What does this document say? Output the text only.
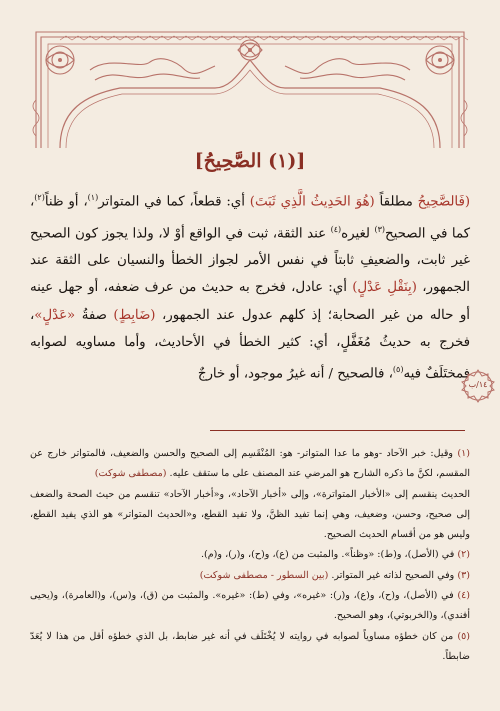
[(١) الصَّحِيحُ]

(فَالصَّحِيحُ مطلقاً (هُوَ الحَدِيثُ الَّذِي ثَبَتَ) أي: قطعاً، كما في المتواتر$^{(١)}$، أو ظناً$^{(٢)}$، كما في الصحيح$^{(٣)}$ لغيره$^{(٤)}$ عند الثقة، ثبت في الواقع أوْ لا، ولذا يجوز كون الصحيح غير ثابت، والضعيفِ ثابتاً في نفس الأمر لجواز الخطأ والنسيان على الثقة عند الجمهور، (بِنَقْلِ عَدْلٍ) أي: عادل، فخرج به حديث من عرف ضعفه، أو جهل عينه أو حاله من غير الصحابة؛ إذ كلهم عدول عند الجمهور، (ضَابِطٍ) صفةُ «عَدْلٍ»، فخرج به حديثُ مُغَفَّلٍ، أي: كثير الخطأ في الأحاديث، وأما مساويه لصوابه فمختَلَفٌ فيه$^{(٥)}$، فالصحيح / أنه غيرُ موجود، أو خارجٌ

١٤/ب

(١) وقيل: خبر الآحاد -وهو ما عدا المتواتر- هو: المُنْقَسِم إلى الصحيح والحسن والضعيف، فالمتواتر خارج عن المقسم، لكنَّ ما ذكره الشارح هو المرضي عند المصنف على ما ستقف عليه. (مصطفى شوكت)

الحديث ينقسم إلى «الأخبار المتواترة»، وإلى «أخبار الآحاد»، و«أخبار الآحاد» تنقسم من حيث الصحة والضعف إلى صحيح، وحسن، وضعيف، وهي إنما تفيد الظنَّ، ولا تفيد القطع، و«الحديث المتواتر» هو الذي يفيد القطع، وليس هو من أقسام الحديث الصحيح.

(٢) في (الأصل)، و(ط): «وظناً». والمثبت من (ع)، و(ح)، و(ر)، و(م).

(٣) وفي الصحيح لذاته غير المتواتر. (بين السطور - مصطفى شوكت)

(٤) في (الأصل)، و(ح)، و(ع)، و(ر): «غيره»، وفي (ط): «غيره». والمثبت من (ق)، و(س)، و(العامرة)، و(يحيى أفندي)، و(الخربوتي)، وهو الصحيح.

(٥) من كان خطؤه مساوياً لصوابه في روايته لا يُخْتَلَف في أنه غير ضابط، بل الذي خطؤه أقل من هذا لا يُعَدّ ضابطاً.
